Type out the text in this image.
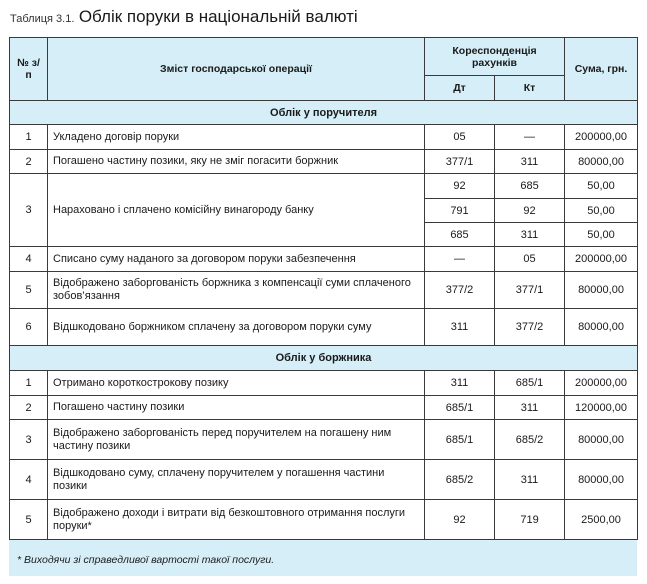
Таблиця 3.1. Облік поруки в національній валюті
№ з/п	Зміст господарської операції	Кореспонденція рахунків		Сума, грн.
		Дт	Кт	
Облік у поручителя				
1	Укладено договір поруки	05	—	200000,00
2	Погашено частину позики, яку не зміг погасити боржник	377/1	311	80000,00
3	Нараховано і сплачено комісійну винагороду банку	92	685	50,00
		791	92	50,00
		685	311	50,00
4	Списано суму наданого за договором поруки забезпечення	—	05	200000,00
5	Відображено заборгованість боржника з компенсації суми сплаченого зобов’язання	377/2	377/1	80000,00
6	Відшкодовано боржником сплачену за договором поруки суму	311	377/2	80000,00
Облік у боржника				
1	Отримано короткострокову позику	311	685/1	200000,00
2	Погашено частину позики	685/1	311	120000,00
3	Відображено заборгованість перед поручителем на погашену ним частину позики	685/1	685/2	80000,00
4	Відшкодовано суму, сплачену поручителем у погашення частини позики	685/2	311	80000,00
5	Відображено доходи і витрати від безкоштовного отримання послуги поруки*	92	719	2500,00
* Виходячи зі справедливої вартості такої послуги.
